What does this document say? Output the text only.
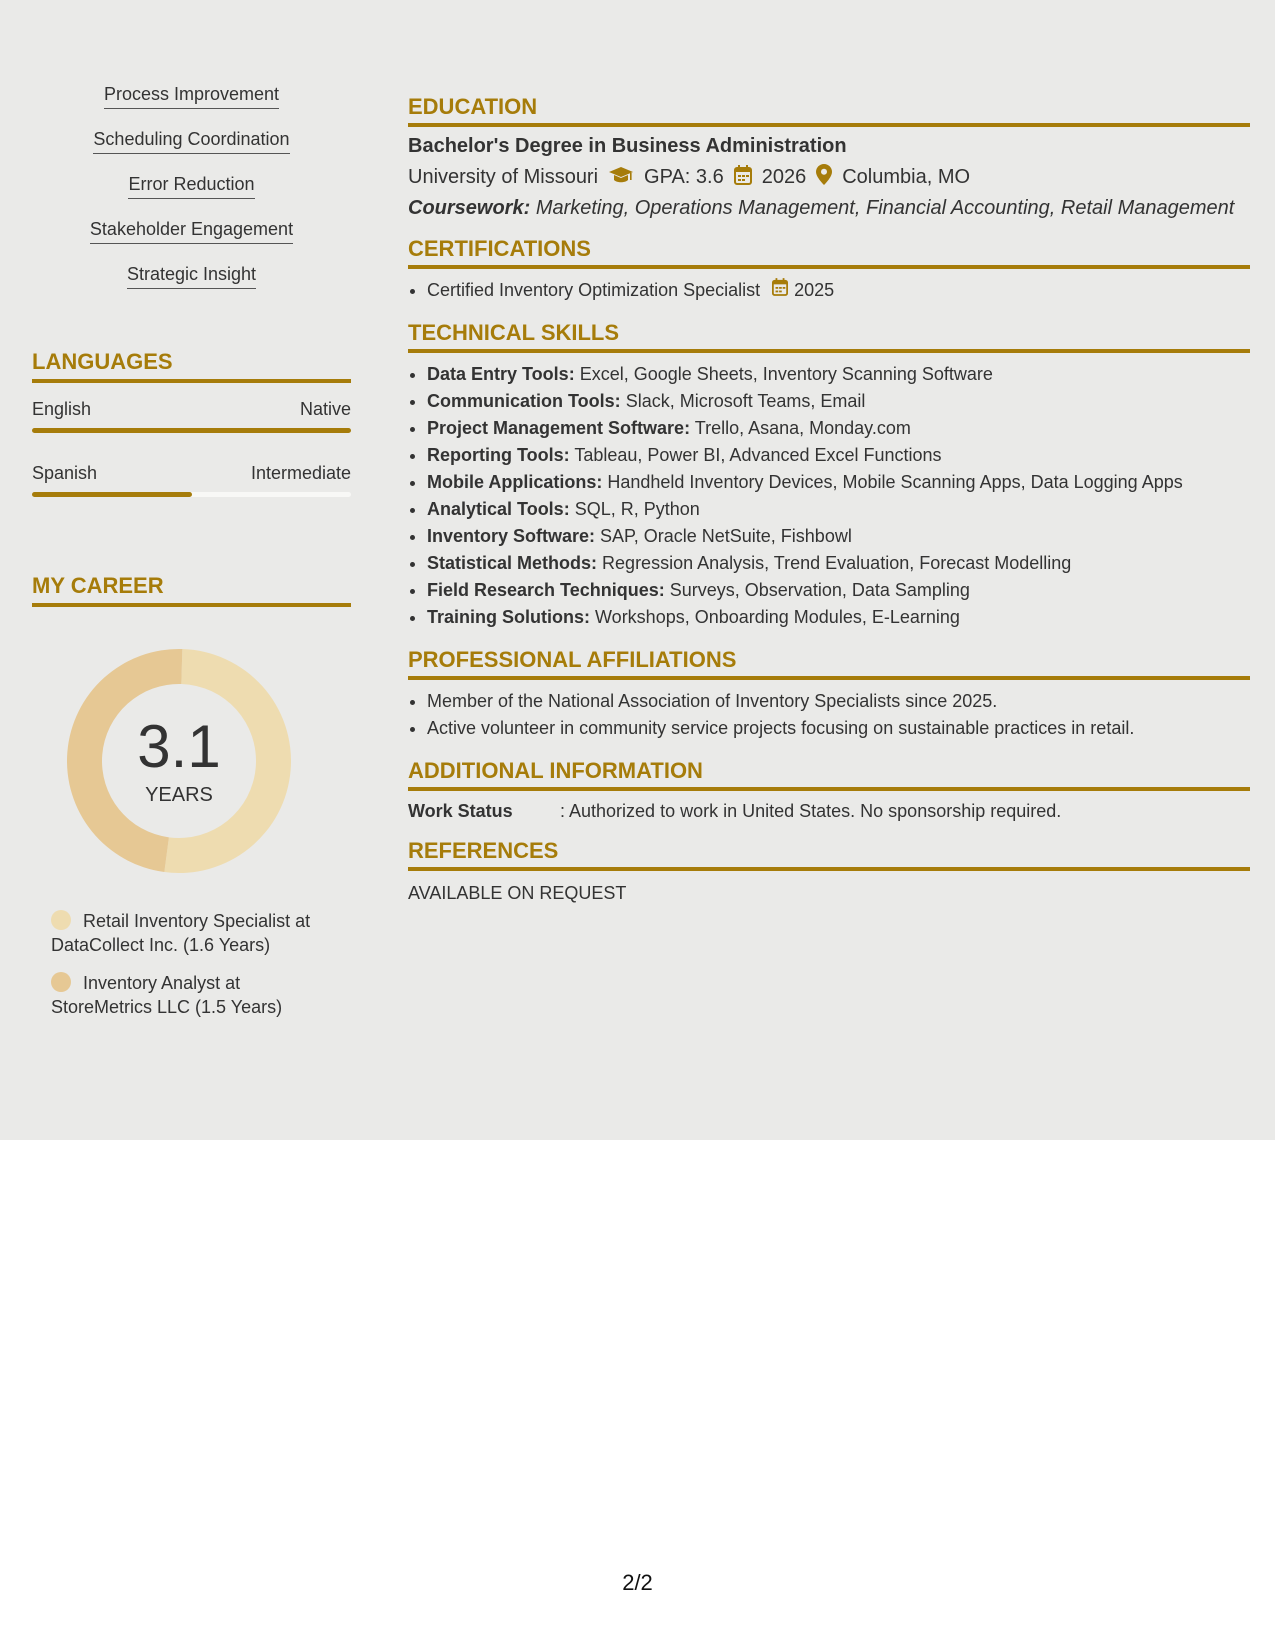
Process Improvement
Scheduling Coordination
Error Reduction
Stakeholder Engagement
Strategic Insight
LANGUAGES
English	Native
Spanish	Intermediate
MY CAREER
3.1
YEARS
Retail Inventory Specialist at DataCollect Inc. (1.6 Years)
Inventory Analyst at StoreMetrics LLC (1.5 Years)
EDUCATION
Bachelor's Degree in Business Administration
University of Missouri GPA: 3.6 2026 Columbia, MO
Coursework: Marketing, Operations Management, Financial Accounting, Retail Management
CERTIFICATIONS
• Certified Inventory Optimization Specialist 2025
TECHNICAL SKILLS
• Data Entry Tools: Excel, Google Sheets, Inventory Scanning Software
• Communication Tools: Slack, Microsoft Teams, Email
• Project Management Software: Trello, Asana, Monday.com
• Reporting Tools: Tableau, Power BI, Advanced Excel Functions
• Mobile Applications: Handheld Inventory Devices, Mobile Scanning Apps, Data Logging Apps
• Analytical Tools: SQL, R, Python
• Inventory Software: SAP, Oracle NetSuite, Fishbowl
• Statistical Methods: Regression Analysis, Trend Evaluation, Forecast Modelling
• Field Research Techniques: Surveys, Observation, Data Sampling
• Training Solutions: Workshops, Onboarding Modules, E-Learning
PROFESSIONAL AFFILIATIONS
• Member of the National Association of Inventory Specialists since 2025.
• Active volunteer in community service projects focusing on sustainable practices in retail.
ADDITIONAL INFORMATION
Work Status	: Authorized to work in United States. No sponsorship required.
REFERENCES
AVAILABLE ON REQUEST
2/2
